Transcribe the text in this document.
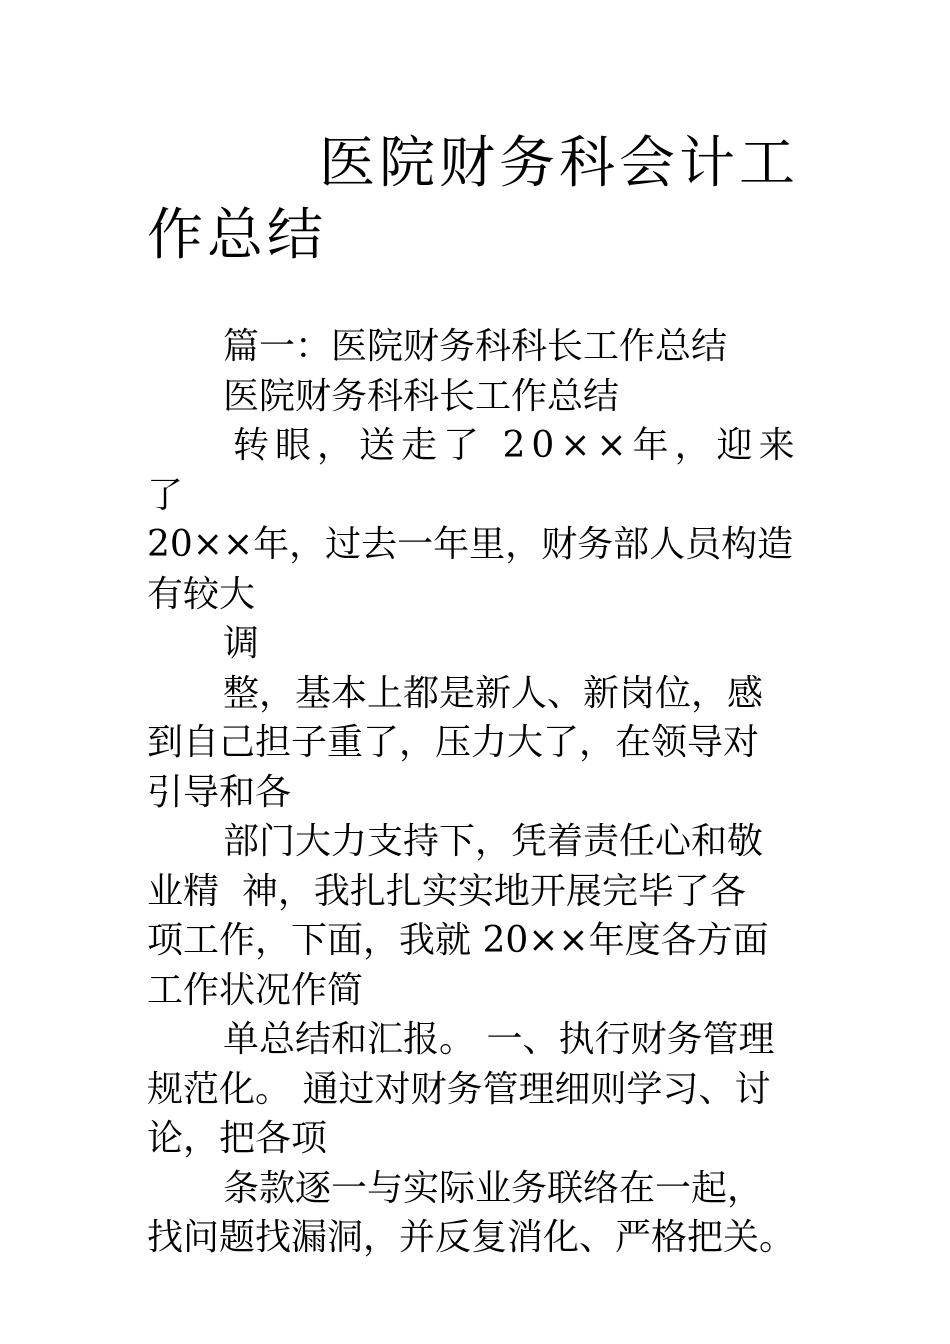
医院财务科会计工
作总结
篇一：医院财务科科长工作总结
医院财务科科长工作总结
转眼，送走了 20××年，迎来了
20××年，过去一年里，财务部人员构造
有较大
调
整，基本上都是新人、新岗位，感
到自己担子重了，压力大了，在领导对
引导和各
部门大力支持下，凭着责任心和敬
业精  神，我扎扎实实地开展完毕了各
项工作，下面，我就 20××年度各方面
工作状况作简
单总结和汇报。 一、执行财务管理
规范化。 通过对财务管理细则学习、讨
论，把各项
条款逐一与实际业务联络在一起，
找问题找漏洞，并反复消化、严格把关。
